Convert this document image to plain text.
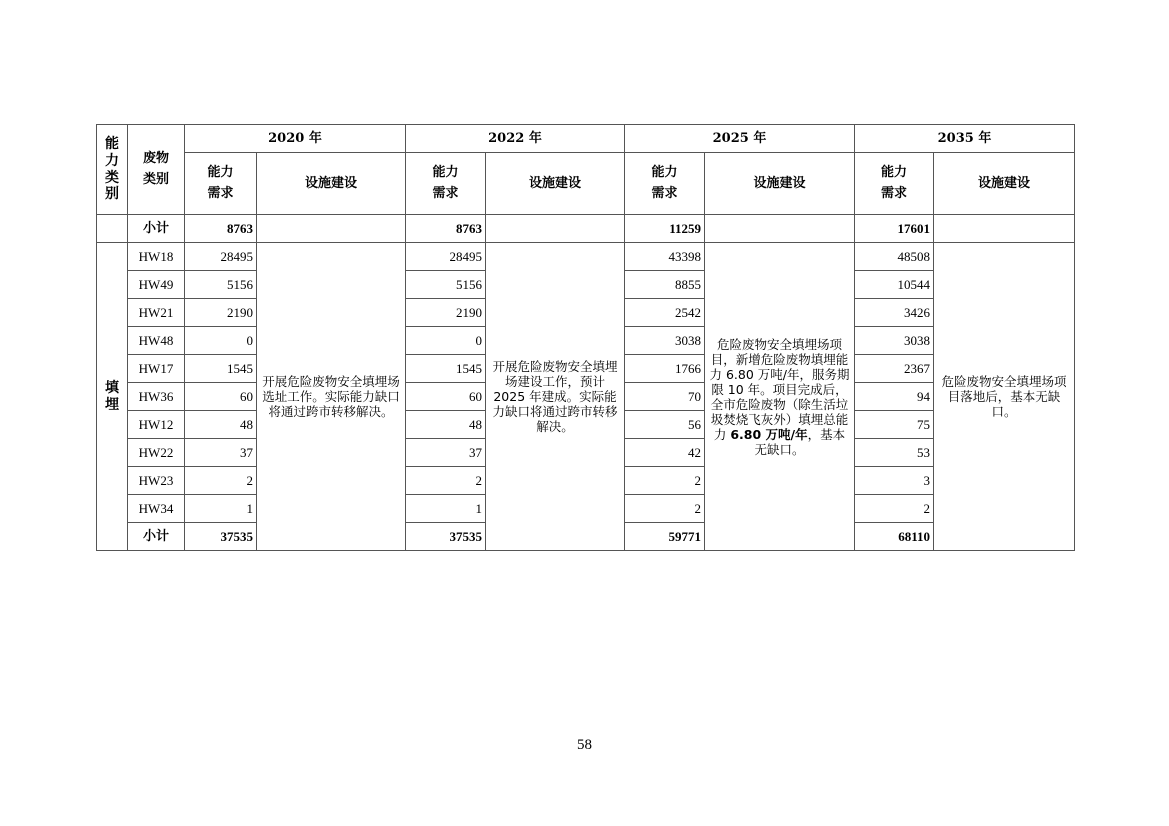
能力类别	废物类别	2020 年		2022 年		2025 年		2035 年	

		能力需求	设施建设	能力需求	设施建设	能力需求	设施建设	能力需求	设施建设
	小计	8763		8763		11259		17601	

填埋	HW18	28495	开展危险废物安全填埋场选址工作。实际能力缺口将通过跨市转移解决。	28495	开展危险废物安全填埋场建设工作，预计 2025 年建成。实际能力缺口将通过跨市转移解决。	43398	危险废物安全填埋场项目，新增危险废物填埋能力 6.80 万吨/年，服务期限 10 年。项目完成后，全市危险废物（除生活垃圾焚烧飞灰外）填埋总能力 6.80 万吨/年，基本无缺口。	48508	危险废物安全填埋场项目落地后，基本无缺口。
	HW49	5156		5156		8855		10544	
	HW21	2190		2190		2542		3426	
	HW48	0		0		3038		3038	
	HW17	1545		1545		1766		2367	
	HW36	60		60		70		94	
	HW12	48		48		56		75	
	HW22	37		37		42		53	
	HW23	2		2		2		3	
	HW34	1		1		2		2	
	小计	37535		37535		59771		68110	
58
